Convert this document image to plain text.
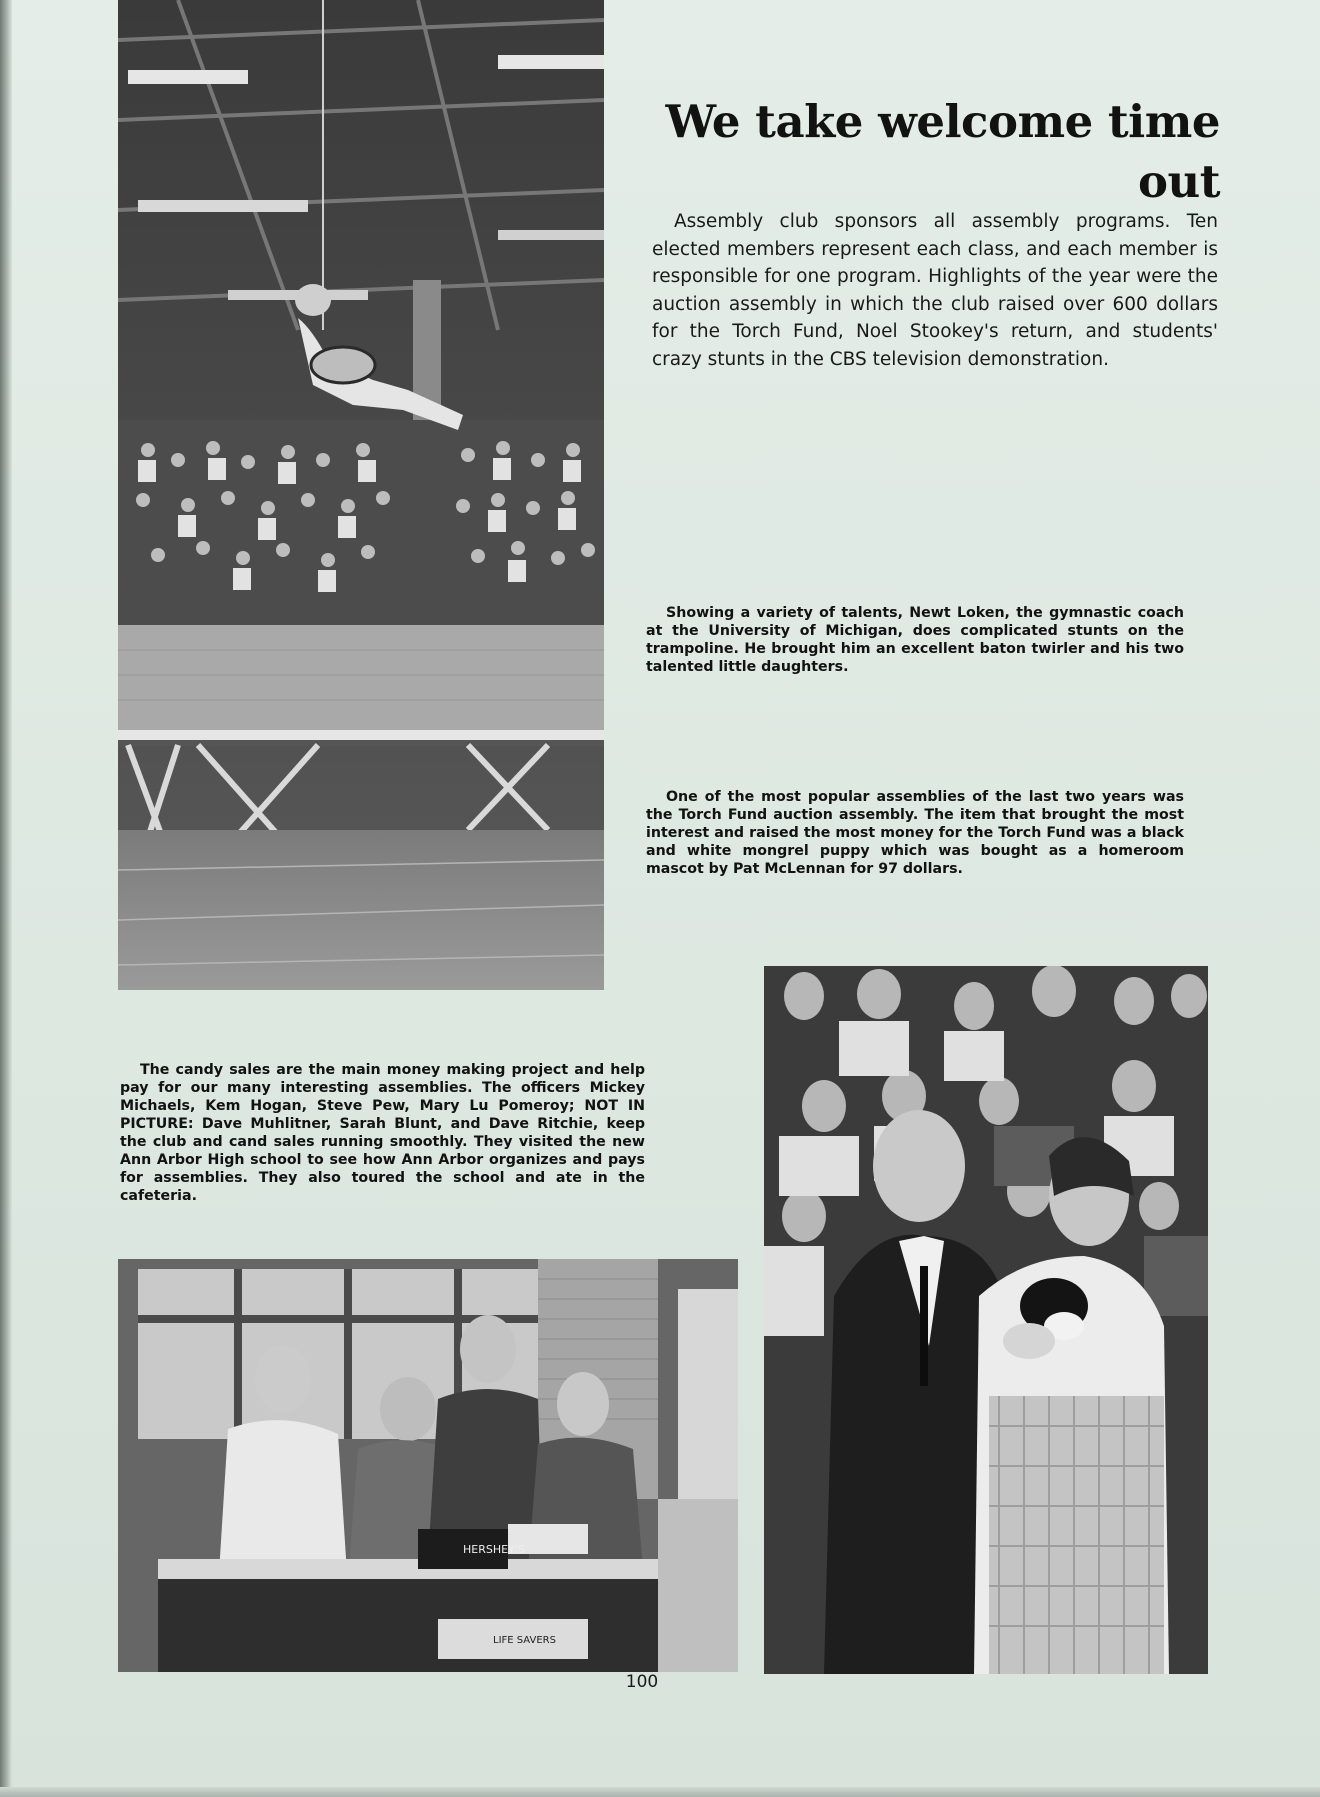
We take welcome time out

Assembly club sponsors all assembly programs. Ten elected members represent each class, and each member is responsible for one program. Highlights of the year were the auction assembly in which the club raised over 600 dollars for the Torch Fund, Noel Stookey's return, and students' crazy stunts in the CBS television demonstration.

Showing a variety of talents, Newt Loken, the gymnastic coach at the University of Michigan, does complicated stunts on the trampoline. He brought him an excellent baton twirler and his two talented little daughters.

One of the most popular assemblies of the last two years was the Torch Fund auction assembly. The item that brought the most interest and raised the most money for the Torch Fund was a black and white mongrel puppy which was bought as a homeroom mascot by Pat McLennan for 97 dollars.

The candy sales are the main money making project and help pay for our many interesting assemblies. The officers Mickey Michaels, Kem Hogan, Steve Pew, Mary Lu Pomeroy; NOT IN PICTURE: Dave Muhlitner, Sarah Blunt, and Dave Ritchie, keep the club and cand sales running smoothly. They visited the new Ann Arbor High school to see how Ann Arbor organizes and pays for assemblies. They also toured the school and ate in the cafeteria.

HERSHEY'S
LIFE SAVERS
100
